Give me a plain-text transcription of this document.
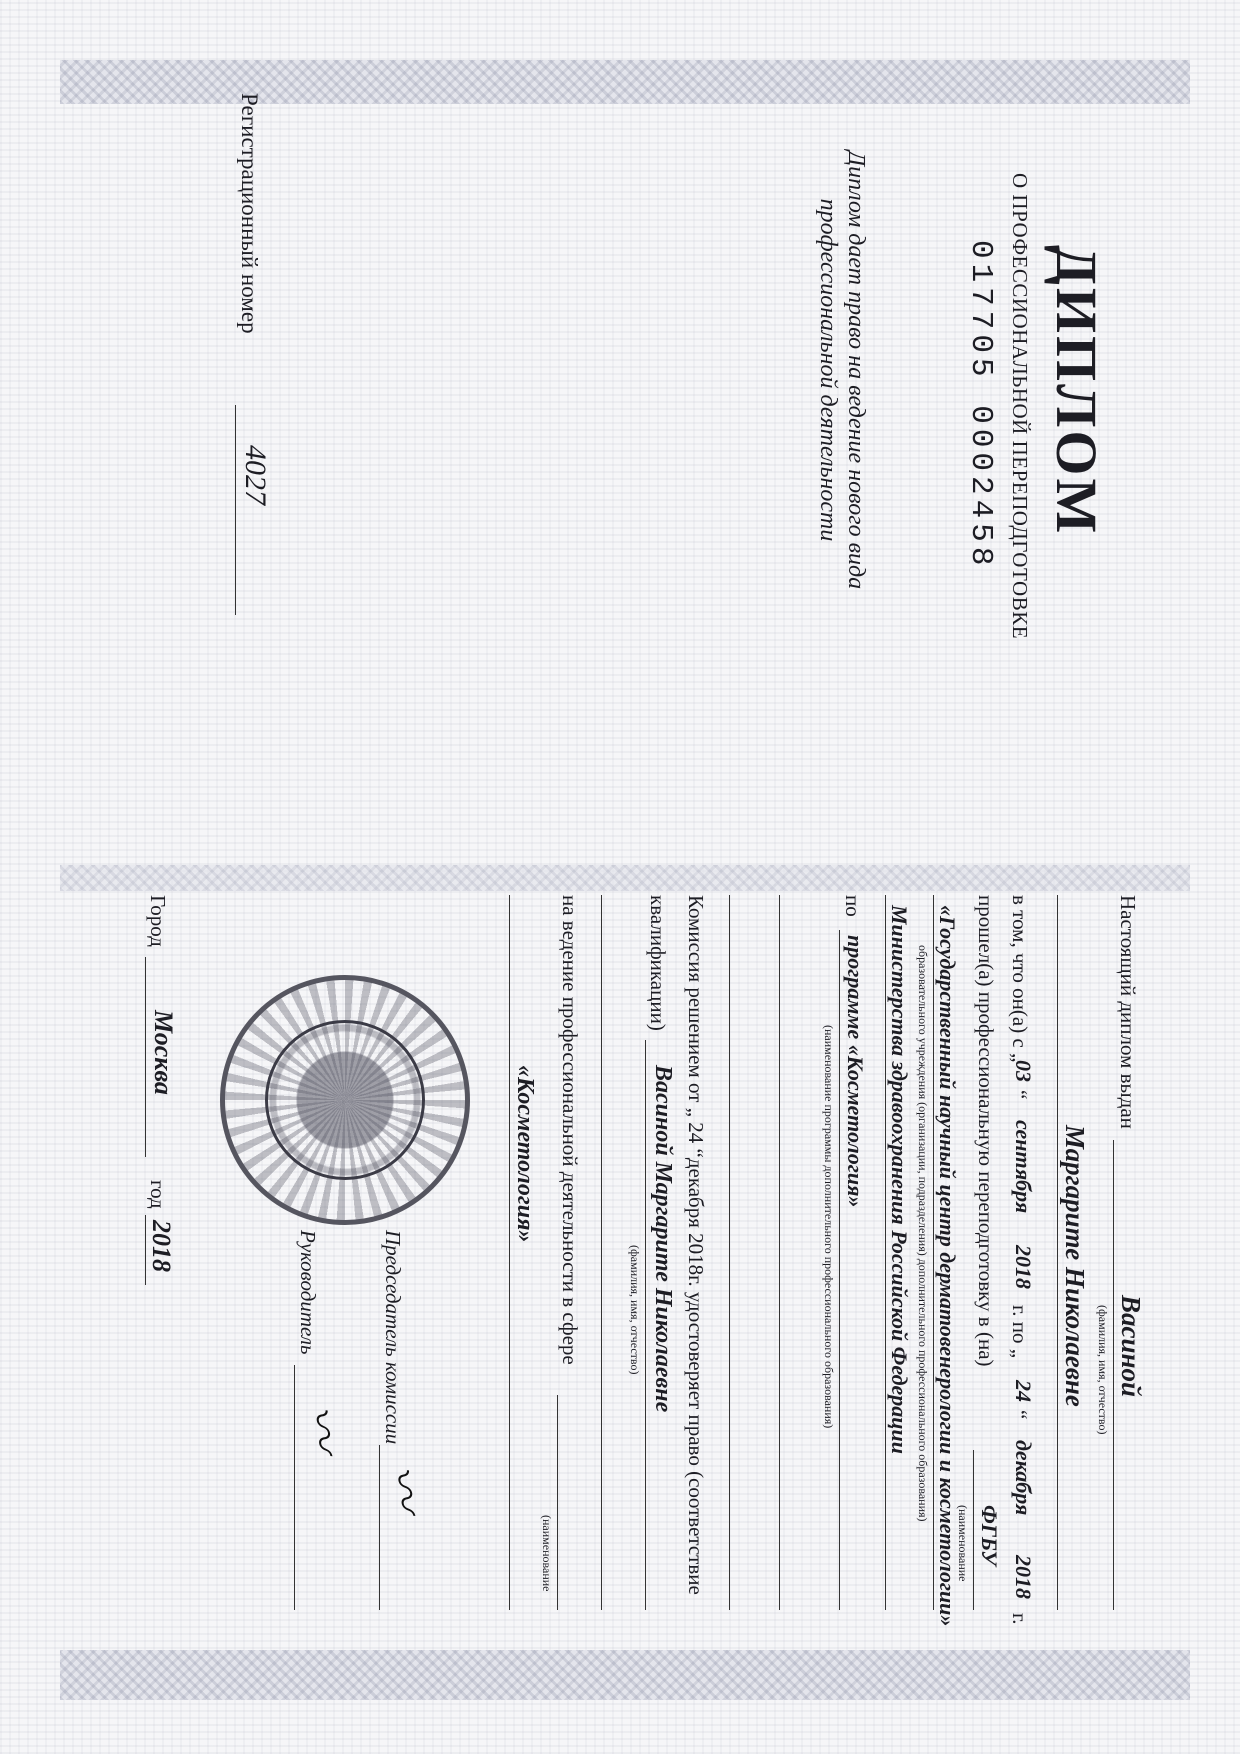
ДИПЛОМ
О ПРОФЕССИОНАЛЬНОЙ ПЕРЕПОДГОТОВКЕ
017705 0002458
Диплом дает право на ведение нового вида профессиональной деятельности
Регистрационный номер
4027
Настоящий диплом выдан
Васиной
(фамилия, имя, отчество)
Маргарите Николаевне
в том, что он(а) с „
03
“
сентября
2018
г. по „
24
“
декабря
2018
г.
прошел(а) профессиональную переподготовку в (на)
ФГБУ
(наименование
«Государственный научный центр дерматовенерологии и косметологии»
образовательного учреждения (организации, подразделения) дополнительного профессионального образования)
Министерства здравоохранения Российской Федерации
по
программе «Косметология»
(наименование программы дополнительного профессионального образования)
Комиссия решением от „ 24 “декабря 2018г. удостоверяет право (соответствие
квалификации)
Васиной Маргарите Николаевне
(фамилия, имя, отчество)
на ведение профессиональной деятельности в сфере
(наименование
«Косметология»
Председатель комиссии
〰︎
Руководитель
〰︎
Город
Москва
год
2018
